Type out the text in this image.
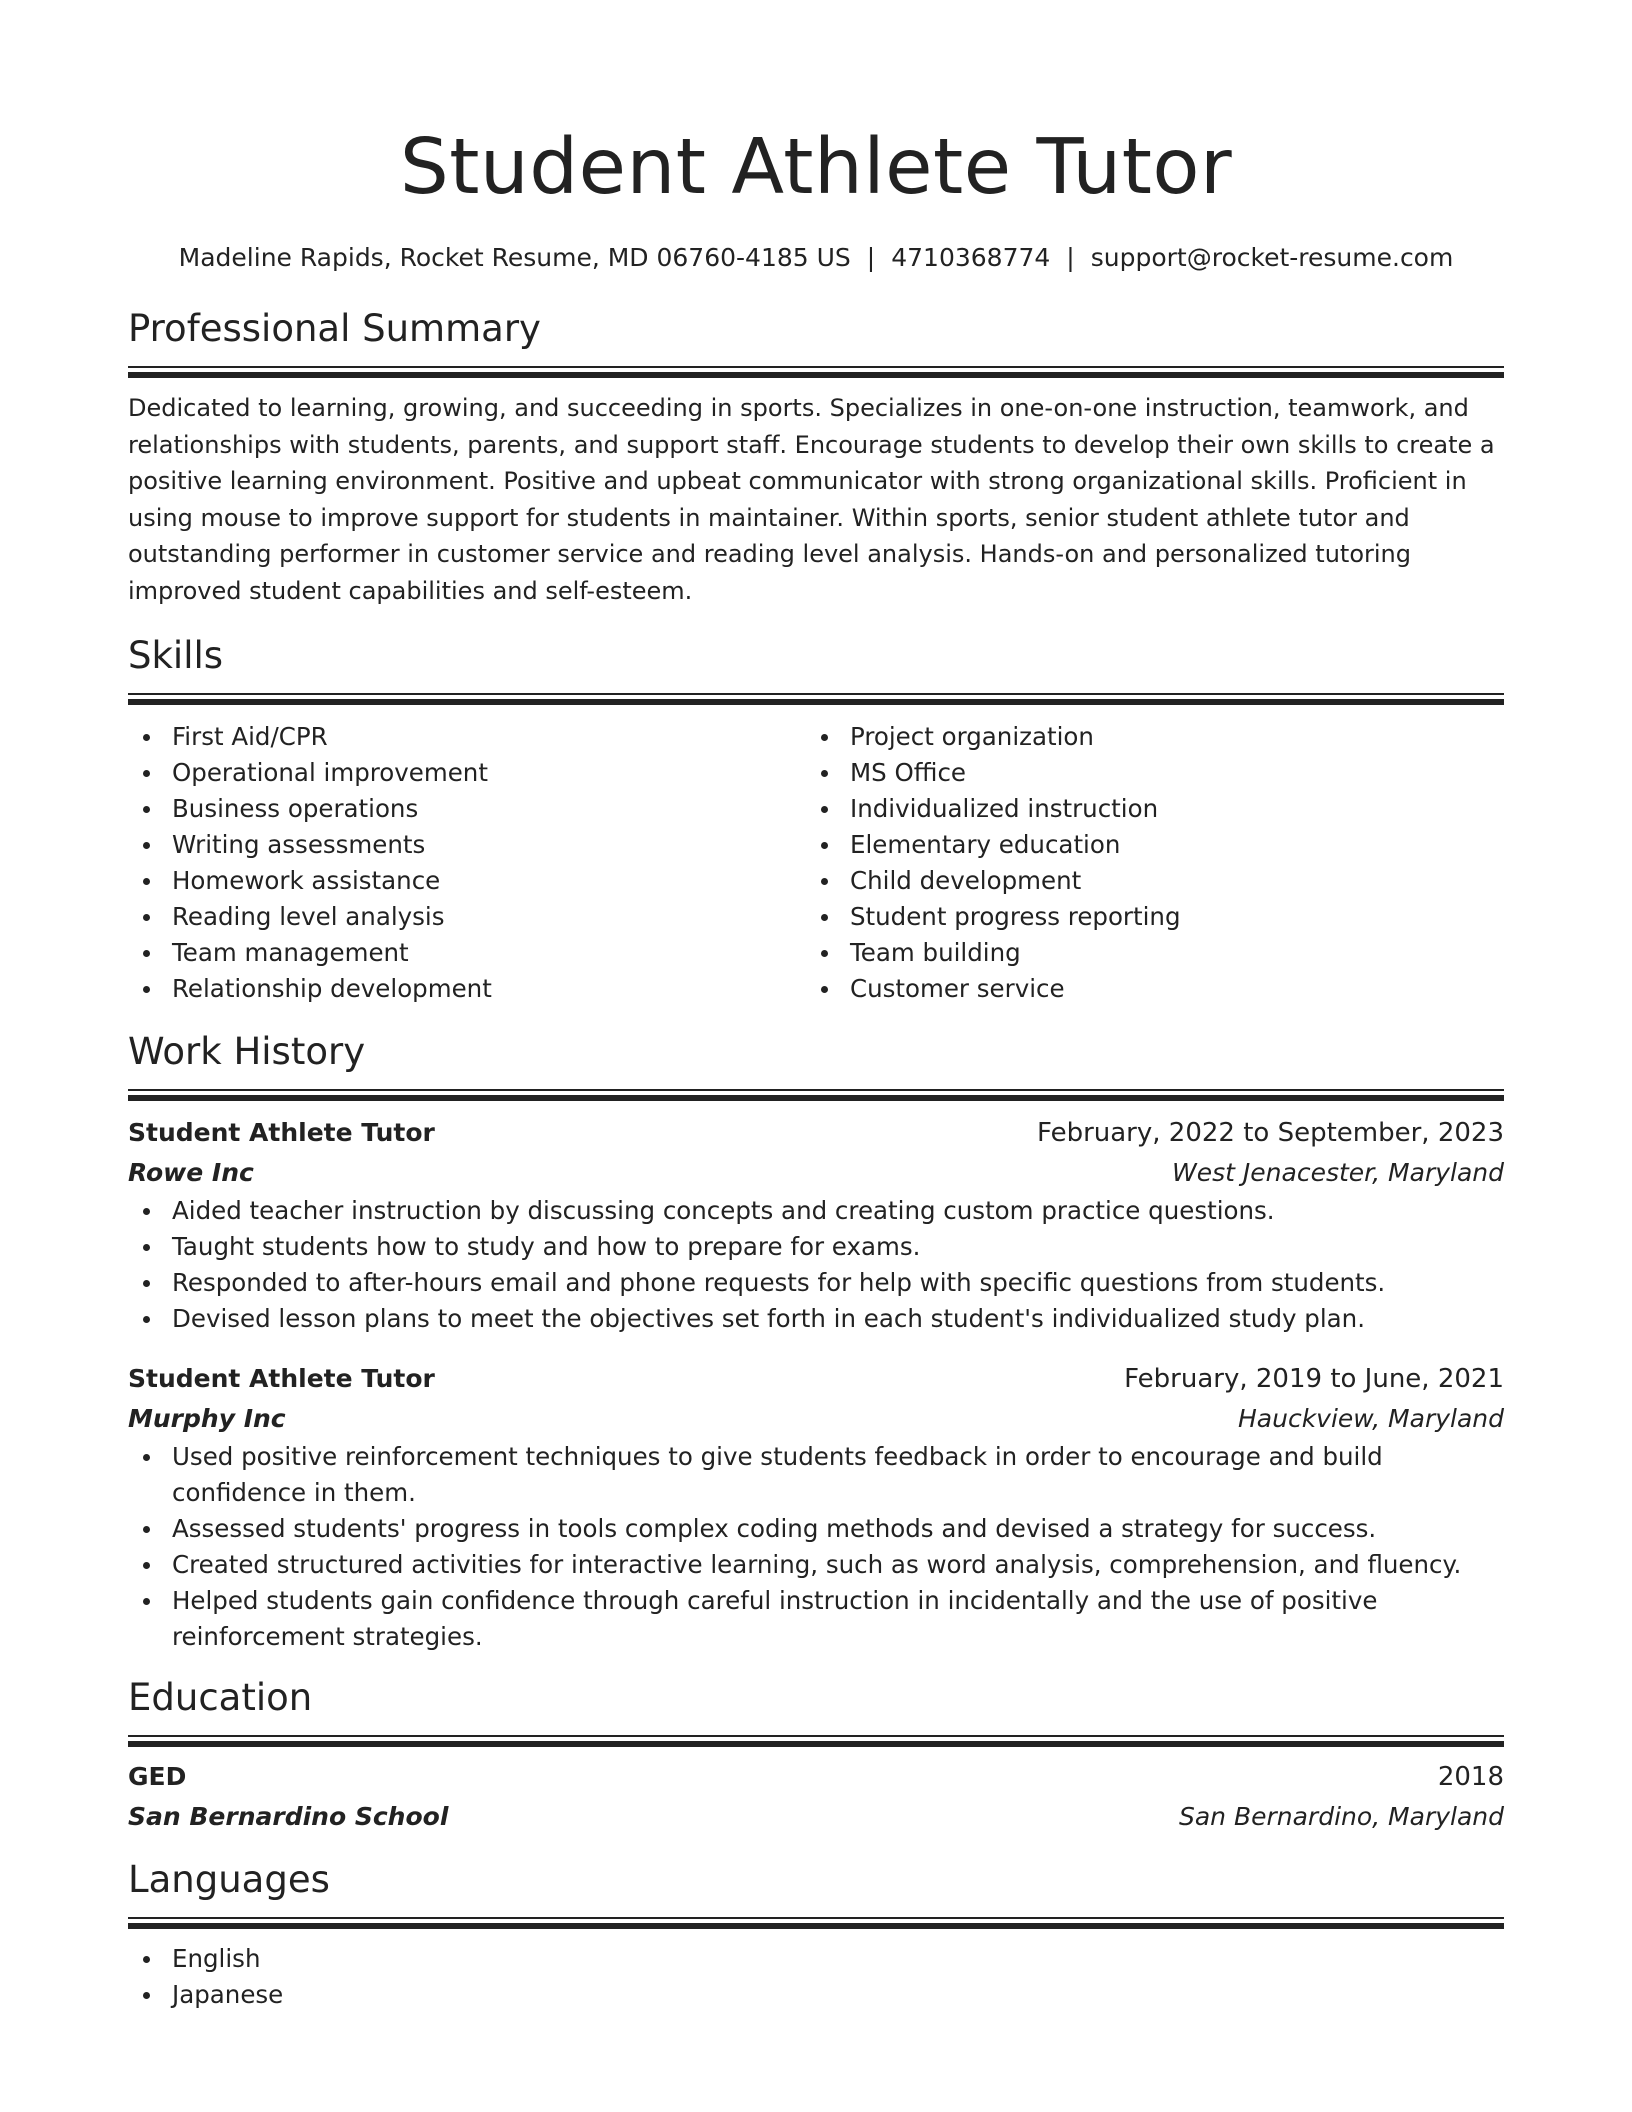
Student Athlete Tutor
Madeline Rapids, Rocket Resume, MD 06760-4185 US | 4710368774 | support@rocket-resume.com
Professional Summary
Dedicated to learning, growing, and succeeding in sports. Specializes in one-on-one instruction, teamwork, and relationships with students, parents, and support staff. Encourage students to develop their own skills to create a positive learning environment. Positive and upbeat communicator with strong organizational skills. Proficient in using mouse to improve support for students in maintainer. Within sports, senior student athlete tutor and outstanding performer in customer service and reading level analysis. Hands-on and personalized tutoring improved student capabilities and self-esteem.
Skills
First Aid/CPR
Operational improvement
Business operations
Writing assessments
Homework assistance
Reading level analysis
Team management
Relationship development
Project organization
MS Office
Individualized instruction
Elementary education
Child development
Student progress reporting
Team building
Customer service
Work History
Student Athlete Tutor	February, 2022 to September, 2023
Rowe Inc	West Jenacester, Maryland
Aided teacher instruction by discussing concepts and creating custom practice questions.
Taught students how to study and how to prepare for exams.
Responded to after-hours email and phone requests for help with specific questions from students.
Devised lesson plans to meet the objectives set forth in each student's individualized study plan.
Student Athlete Tutor	February, 2019 to June, 2021
Murphy Inc	Hauckview, Maryland
Used positive reinforcement techniques to give students feedback in order to encourage and build confidence in them.
Assessed students' progress in tools complex coding methods and devised a strategy for success.
Created structured activities for interactive learning, such as word analysis, comprehension, and fluency.
Helped students gain confidence through careful instruction in incidentally and the use of positive reinforcement strategies.
Education
GED	2018
San Bernardino School	San Bernardino, Maryland
Languages
English
Japanese
